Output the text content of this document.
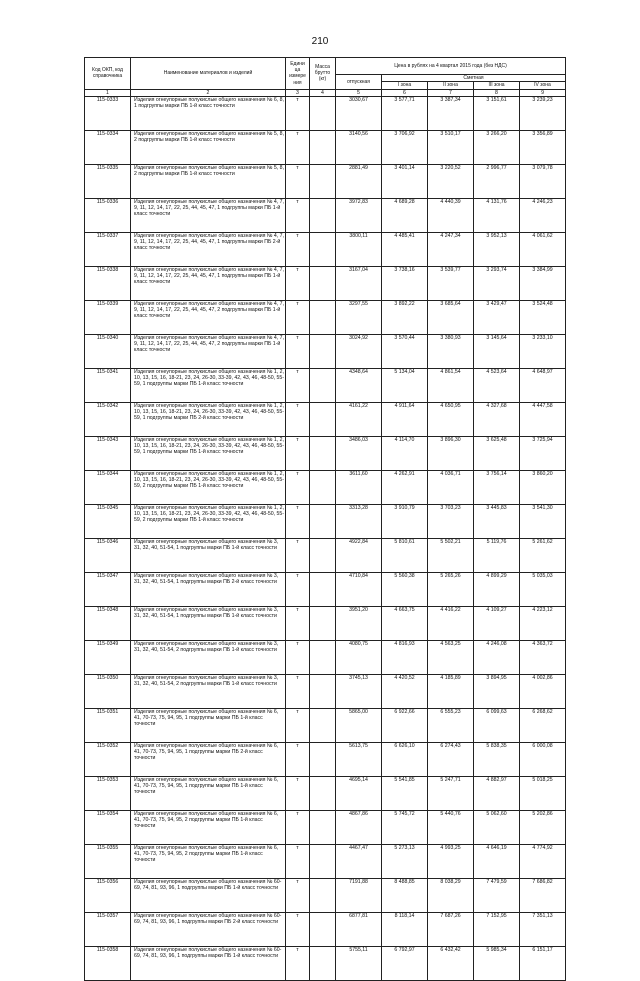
210
Код ОКП, код справочника	Наименование материалов и изделий	Едини ца измере ния	Масса брутто (кг)	Цена в рублях на 4 квартал 2015 года (без НДС)				
				отпускная	Сметная			
					I зона	II зона	III зона	IV зона
1	2	3	4	5	6	7	8	9
115-0333	Изделия огнеупорные полукислые общего назначения № 6, 8, 1 подгруппы марки ПБ 1-й класс точности	т		3030,67	3 577,71	3 387,34	3 151,61	3 239,23
115-0334	Изделия огнеупорные полукислые общего назначения № 5, 8, 2 подгруппы марки ПБ 1-й класс точности	т		3140,56	3 706,92	3 510,17	3 266,20	3 356,89
115-0335	Изделия огнеупорные полукислые общего назначения № 5, 8, 2 подгруппы марки ПБ 1-й класс точности	т		2881,49	3 401,14	3 220,52	2 996,77	3 079,78
115-0336	Изделия огнеупорные полукислые общего назначения № 4, 7, 9, 11, 12, 14, 17, 22, 25, 44, 45, 47, 1 подгруппы марки ПБ 1-й класс точности	т		3972,83	4 689,28	4 440,39	4 131,76	4 246,23
115-0337	Изделия огнеупорные полукислые общего назначения № 4, 7, 9, 11, 12, 14, 17, 22, 25, 44, 45, 47, 1 подгруппы марки ПБ 2-й класс точности	т		3800,11	4 485,41	4 247,34	3 952,13	4 061,62
115-0338	Изделия огнеупорные полукислые общего назначения № 4, 7, 9, 11, 12, 14, 17, 22, 25, 44, 45, 47, 1 подгруппы марки ПБ 1-й класс точности	т		3167,04	3 738,16	3 539,77	3 293,74	3 384,99
115-0339	Изделия огнеупорные полукислые общего назначения № 4, 7, 9, 11, 12, 14, 17, 22, 25, 44, 45, 47, 2 подгруппы марки ПБ 1-й класс точности	т		3297,55	3 892,22	3 685,64	3 429,47	3 524,48
115-0340	Изделия огнеупорные полукислые общего назначения № 4, 7, 9, 11, 12, 14, 17, 22, 25, 44, 45, 47, 2 подгруппы марки ПБ 1-й класс точности	т		3024,92	3 570,44	3 380,93	3 145,64	3 233,10
115-0341	Изделия огнеупорные полукислые общего назначения № 1, 2, 10, 13, 15, 16, 18-21, 23, 24, 26-30, 33-39, 42, 43, 46, 48-50, 55-59, 1 подгруппы марки ПБ 1-й класс точности	т		4348,64	5 134,04	4 861,54	4 523,64	4 648,97
115-0342	Изделия огнеупорные полукислые общего назначения № 1, 2, 10, 13, 15, 16, 18-21, 23, 24, 26-30, 33-39, 42, 43, 46, 48-50, 55-59, 1 подгруппы марки ПБ 2-й класс точности	т		4161,22	4 911,64	4 650,95	4 327,68	4 447,58
115-0343	Изделия огнеупорные полукислые общего назначения № 1, 2, 10, 13, 15, 16, 18-21, 23, 24, 26-30, 33-39, 42, 43, 46, 48-50, 55-59, 1 подгруппы марки ПБ 1-й класс точности	т		3486,03	4 114,70	3 896,30	3 625,48	3 725,94
115-0344	Изделия огнеупорные полукислые общего назначения № 1, 2, 10, 13, 15, 16, 18-21, 23, 24, 26-30, 33-39, 42, 43, 46, 48-50, 55-59, 2 подгруппы марки ПБ 1-й класс точности	т		3611,60	4 262,91	4 036,71	3 756,14	3 860,20
115-0345	Изделия огнеупорные полукислые общего назначения № 1, 2, 10, 13, 15, 16, 18-21, 23, 24, 26-30, 33-39, 42, 43, 46, 48-50, 55-59, 2 подгруппы марки ПБ 1-й класс точности	т		3313,28	3 910,79	3 703,23	3 445,83	3 541,30
115-0346	Изделия огнеупорные полукислые общего назначения № 3, 31, 32, 40, 51-54, 1 подгруппы марки ПБ 1-й класс точности	т		4922,84	5 810,61	5 502,21	5 119,76	5 261,62
115-0347	Изделия огнеупорные полукислые общего назначения № 3, 31, 32, 40, 51-54, 1 подгруппы марки ПБ 2-й класс точности	т		4710,84	5 560,38	5 265,26	4 899,29	5 035,03
115-0348	Изделия огнеупорные полукислые общего назначения № 3, 31, 32, 40, 51-54, 1 подгруппы марки ПБ 1-й класс точности	т		3951,20	4 663,75	4 416,22	4 109,27	4 223,12
115-0349	Изделия огнеупорные полукислые общего назначения № 3, 31, 32, 40, 51-54, 2 подгруппы марки ПБ 1-й класс точности	т		4080,75	4 816,93	4 563,25	4 246,08	4 363,72
115-0350	Изделия огнеупорные полукислые общего назначения № 3, 31, 32, 40, 51-54, 2 подгруппы марки ПБ 1-й класс точности	т		3745,13	4 420,52	4 185,89	3 894,95	4 002,86
115-0351	Изделия огнеупорные полукислые общего назначения № 6, 41, 70-73, 75, 94, 95, 1 подгруппы марки ПБ 1-й класс точности	т		5865,00	6 922,66	6 555,23	6 099,63	6 268,62
115-0352	Изделия огнеупорные полукислые общего назначения № 6, 41, 70-73, 75, 94, 95, 1 подгруппы марки ПБ 2-й класс точности	т		5613,75	6 626,10	6 274,43	5 838,35	6 000,08
115-0353	Изделия огнеупорные полукислые общего назначения № 6, 41, 70-73, 75, 94, 95, 1 подгруппы марки ПБ 1-й класс точности	т		4695,14	5 541,85	5 247,71	4 882,97	5 018,25
115-0354	Изделия огнеупорные полукислые общего назначения № 6, 41, 70-73, 75, 94, 95, 2 подгруппы марки ПБ 1-й класс точности	т		4867,86	5 745,72	5 440,76	5 062,60	5 202,86
115-0355	Изделия огнеупорные полукислые общего назначения № 6, 41, 70-73, 75, 94, 95, 2 подгруппы марки ПБ 1-й класс точности	т		4467,47	5 273,13	4 993,25	4 646,19	4 774,92
115-0356	Изделия огнеупорные полукислые общего назначения № 60-69, 74, 81, 93, 96, 1 подгруппы марки ПБ 1-й класс точности	т		7191,88	8 488,85	8 038,29	7 479,59	7 686,82
115-0357	Изделия огнеупорные полукислые общего назначения № 60-69, 74, 81, 93, 96, 1 подгруппы марки ПБ 2-й класс точности	т		6877,81	8 118,14	7 687,26	7 152,95	7 351,13
115-0358	Изделия огнеупорные полукислые общего назначения № 60-69, 74, 81, 93, 96, 1 подгруппы марки ПБ 1-й класс точности	т		5755,11	6 792,97	6 432,42	5 985,34	6 151,17
